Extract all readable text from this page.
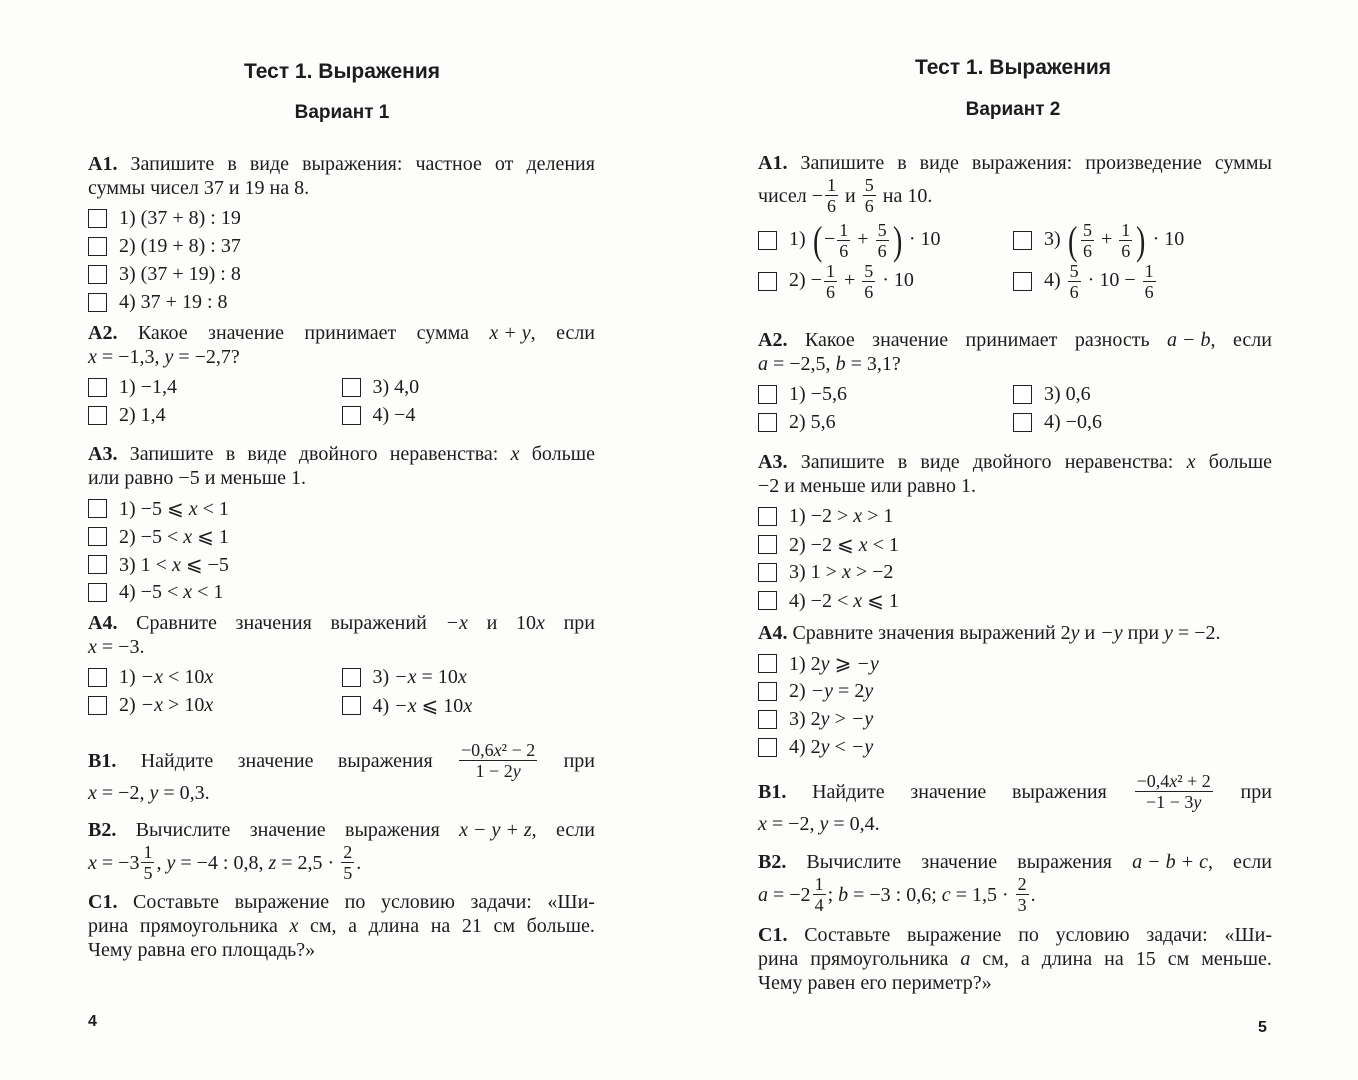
Тест 1. Выражения
Вариант 1
А1. Запишите в виде выражения: частное от деления
суммы чисел 37 и 19 на 8.
1) (37 + 8) : 19
2) (19 + 8) : 37
3) (37 + 19) : 8
4) 37 + 19 : 8
А2. Какое значение принимает сумма x + y , если
x = −1,3, y = −2,7?
1) −1,4
2) 1,4
3) 4,0
4) −4
А3. Запишите в виде двойного неравенства: x больше
или равно −5 и меньше 1.
1) −5 ⩽ x < 1
2) −5 < x ⩽ 1
3) 1 < x ⩽ −5
4) −5 < x < 1
А4. Сравните значения выражений −x и 10 x при
x = −3.
1) −x < 10x
2) −x > 10x
3) −x = 10x
4) −x ⩽ 10x
В1. Найдите значение выражения $\frac{\text{−0,6x² − 2}}{1 - 2y}$ при
x = −2, y = 0,3.
В2. Вычислите значение выражения x − y + z , если
$x = -3 \frac{1}{5}$ , y = −4 : 0,8, $z = 2,5 \cdot \frac{2}{5}$ .
С1. Составьте выражение по условию задачи: «Ши-
рина прямоугольника x см, а длина на 21 см больше.
Чему равна его площадь?»
4
Тест 1. Выражения
Вариант 2
А1. Запишите в виде выражения: произведение суммы
чисел − $\frac{1}{6}$ и $\frac{5}{6}$ на 10.
1) (− $\frac{1}{6} + \frac{5}{6}$ ) · 10
$2) - \frac{1}{6} + \frac{5}{6} \cdot 10$
3) ( $\frac{5}{6} + \frac{1}{6}$ ) · 10
$4) \frac{5}{6} \cdot 10 - \frac{1}{6}$
А2. Какое значение принимает разность a − b , если
a = −2,5, b = 3,1?
1) −5,6
2) 5,6
3) 0,6
4) −0,6
А3. Запишите в виде двойного неравенства: x больше
−2 и меньше или равно 1.
1) −2 > x > 1
2) −2 ⩽ x < 1
3) 1 > x > −2
4) −2 < x ⩽ 1
А4. Сравните значения выражений 2 y и −y при y = −2.
1) 2y ⩾ −y
2) −y = 2y
3) 2y > −y
4) 2y < −y
В1. Найдите значение выражения $\frac{\text{−0,4x² + 2}}{-1 - 3y}$ при
x = −2, y = 0,4.
В2. Вычислите значение выражения a − b + c , если
$a = -2 \frac{1}{4}$ ; b = −3 : 0,6; $c = 1,5 \cdot \frac{2}{3}$ .
С1. Составьте выражение по условию задачи: «Ши-
рина прямоугольника a см, а длина на 15 см меньше.
Чему равен его периметр?»
5
